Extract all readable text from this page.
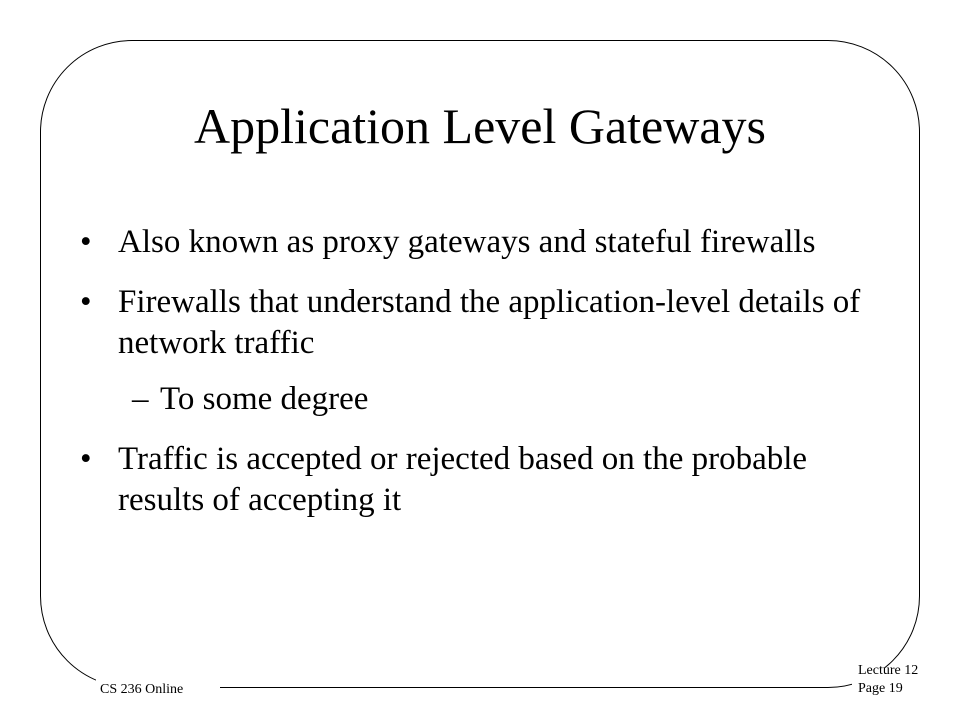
Application Level Gateways
• Also known as proxy gateways and stateful firewalls
• Firewalls that understand the application-level details of network traffic
– To some degree
• Traffic is accepted or rejected based on the probable results of accepting it
CS 236 Online
Lecture 12
Page 19
